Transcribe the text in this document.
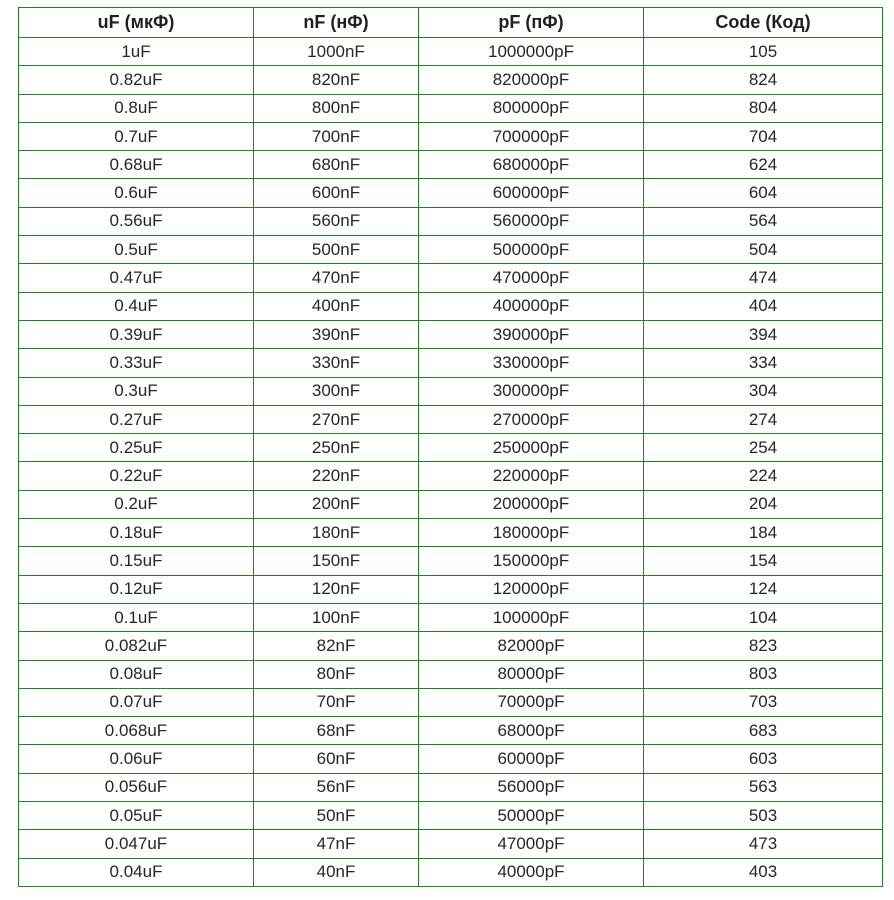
uF (мкФ)	nF (нФ)	pF (пФ)	Code (Код)
1uF	1000nF	1000000pF	105
0.82uF	820nF	820000pF	824
0.8uF	800nF	800000pF	804
0.7uF	700nF	700000pF	704
0.68uF	680nF	680000pF	624
0.6uF	600nF	600000pF	604
0.56uF	560nF	560000pF	564
0.5uF	500nF	500000pF	504
0.47uF	470nF	470000pF	474
0.4uF	400nF	400000pF	404
0.39uF	390nF	390000pF	394
0.33uF	330nF	330000pF	334
0.3uF	300nF	300000pF	304
0.27uF	270nF	270000pF	274
0.25uF	250nF	250000pF	254
0.22uF	220nF	220000pF	224
0.2uF	200nF	200000pF	204
0.18uF	180nF	180000pF	184
0.15uF	150nF	150000pF	154
0.12uF	120nF	120000pF	124
0.1uF	100nF	100000pF	104
0.082uF	82nF	82000pF	823
0.08uF	80nF	80000pF	803
0.07uF	70nF	70000pF	703
0.068uF	68nF	68000pF	683
0.06uF	60nF	60000pF	603
0.056uF	56nF	56000pF	563
0.05uF	50nF	50000pF	503
0.047uF	47nF	47000pF	473
0.04uF	40nF	40000pF	403
